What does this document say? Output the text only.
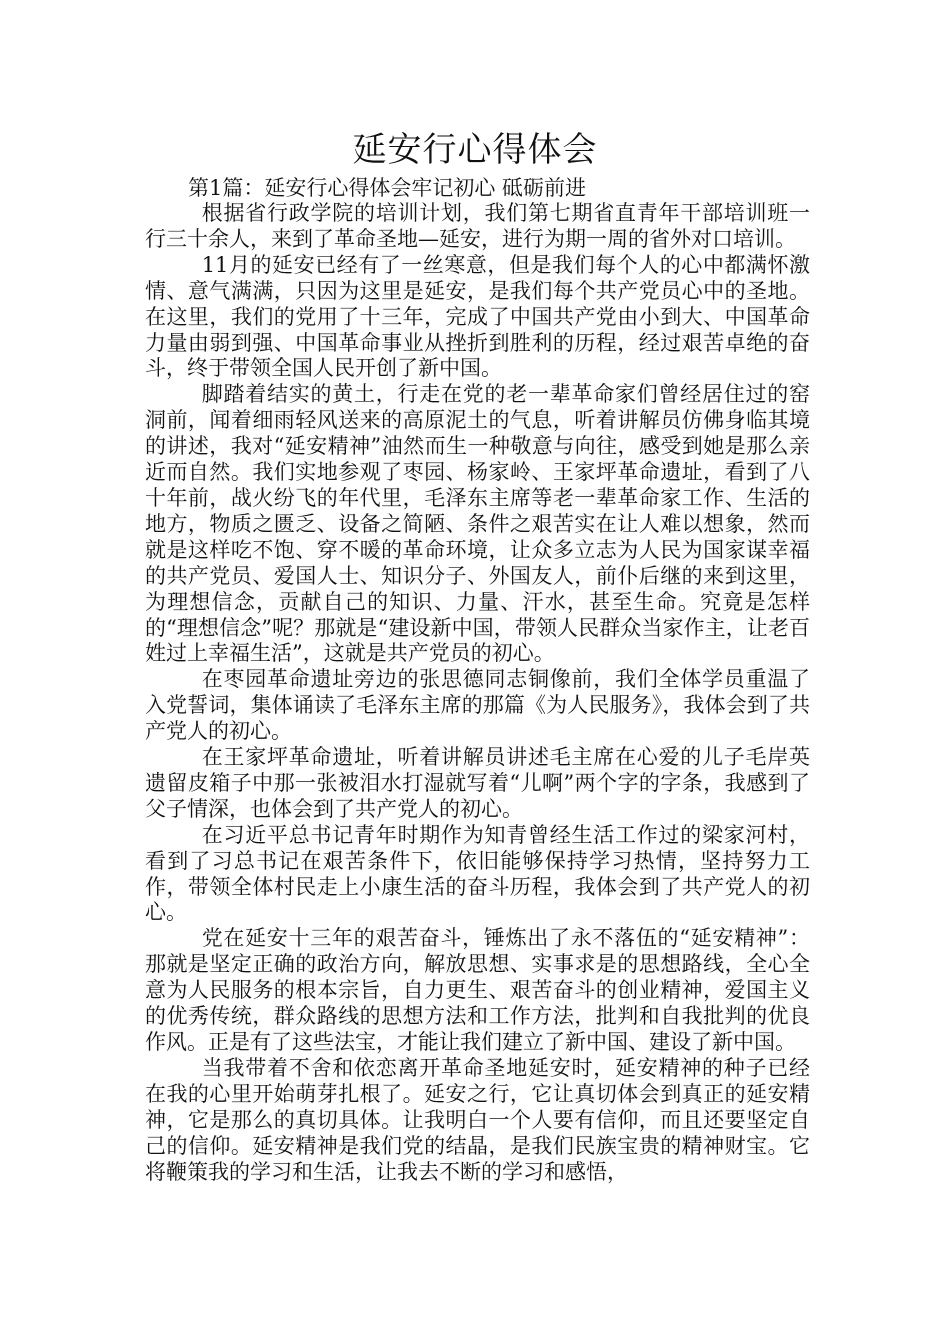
延安行心得体会
第1篇：延安行心得体会牢记初心 砥砺前进

根据省行政学院的培训计划，我们第七期省直青年干部培训班一行三十余人，来到了革命圣地—延安，进行为期一周的省外对口培训。

11月的延安已经有了一丝寒意，但是我们每个人的心中都满怀激情、意气满满，只因为这里是延安，是我们每个共产党员心中的圣地。在这里，我们的党用了十三年，完成了中国共产党由小到大、中国革命力量由弱到强、中国革命事业从挫折到胜利的历程，经过艰苦卓绝的奋斗，终于带领全国人民开创了新中国。

脚踏着结实的黄土，行走在党的老一辈革命家们曾经居住过的窑洞前，闻着细雨轻风送来的高原泥土的气息，听着讲解员仿佛身临其境的讲述，我对“延安精神”油然而生一种敬意与向往，感受到她是那么亲近而自然。我们实地参观了枣园、杨家岭、王家坪革命遗址，看到了八十年前，战火纷飞的年代里，毛泽东主席等老一辈革命家工作、生活的地方，物质之匮乏、设备之简陋、条件之艰苦实在让人难以想象，然而就是这样吃不饱、穿不暖的革命环境，让众多立志为人民为国家谋幸福的共产党员、爱国人士、知识分子、外国友人，前仆后继的来到这里，为理想信念，贡献自己的知识、力量、汗水，甚至生命。究竟是怎样的“理想信念”呢？那就是“建设新中国，带领人民群众当家作主，让老百姓过上幸福生活”，这就是共产党员的初心。

在枣园革命遗址旁边的张思德同志铜像前，我们全体学员重温了入党誓词，集体诵读了毛泽东主席的那篇《为人民服务》，我体会到了共产党人的初心。

在王家坪革命遗址，听着讲解员讲述毛主席在心爱的儿子毛岸英遗留皮箱子中那一张被泪水打湿就写着“儿啊”两个字的字条，我感到了父子情深，也体会到了共产党人的初心。

在习近平总书记青年时期作为知青曾经生活工作过的梁家河村，看到了习总书记在艰苦条件下，依旧能够保持学习热情，坚持努力工作，带领全体村民走上小康生活的奋斗历程，我体会到了共产党人的初心。

党在延安十三年的艰苦奋斗，锤炼出了永不落伍的“延安精神”：那就是坚定正确的政治方向，解放思想、实事求是的思想路线，全心全意为人民服务的根本宗旨，自力更生、艰苦奋斗的创业精神，爱国主义的优秀传统，群众路线的思想方法和工作方法，批判和自我批判的优良作风。正是有了这些法宝，才能让我们建立了新中国、建设了新中国。

当我带着不舍和依恋离开革命圣地延安时，延安精神的种子已经在我的心里开始萌芽扎根了。延安之行，它让真切体会到真正的延安精神，它是那么的真切具体。让我明白一个人要有信仰，而且还要坚定自己的信仰。延安精神是我们党的结晶，是我们民族宝贵的精神财宝。它将鞭策我的学习和生活，让我去不断的学习和感悟，
